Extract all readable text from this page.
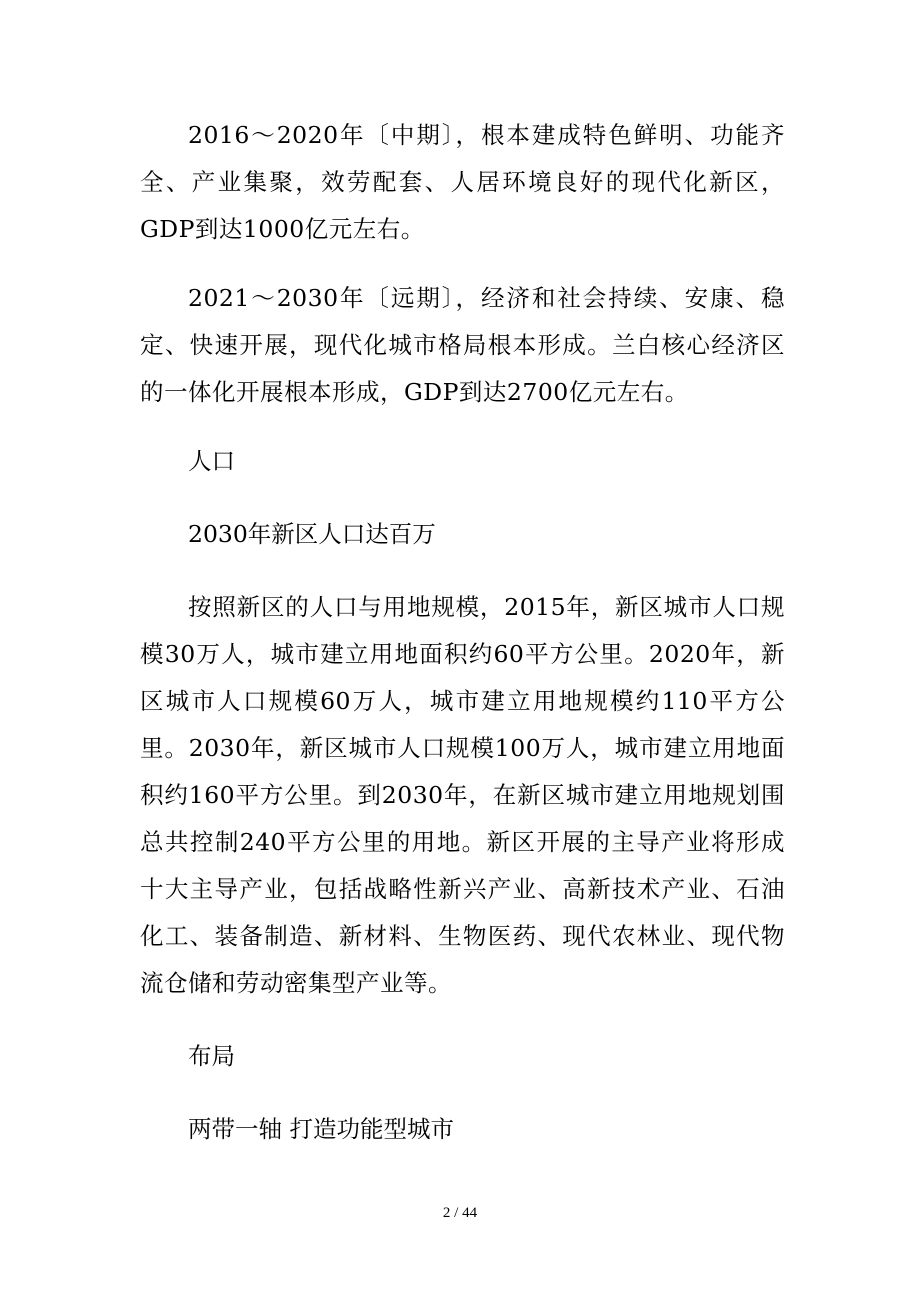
2016～2020年〔中期〕，根本建成特色鲜明、功能齐全、产业集聚，效劳配套、人居环境良好的现代化新区，GDP到达1000亿元左右。

2021～2030年〔远期〕，经济和社会持续、安康、稳定、快速开展，现代化城市格局根本形成。兰白核心经济区的一体化开展根本形成，GDP到达2700亿元左右。

人口

2030年新区人口达百万

按照新区的人口与用地规模，2015年，新区城市人口规模30万人，城市建立用地面积约60平方公里。2020年，新区城市人口规模60万人，城市建立用地规模约110平方公里。2030年，新区城市人口规模100万人，城市建立用地面积约160平方公里。到2030年，在新区城市建立用地规划围总共控制240平方公里的用地。新区开展的主导产业将形成十大主导产业，包括战略性新兴产业、高新技术产业、石油化工、装备制造、新材料、生物医药、现代农林业、现代物流仓储和劳动密集型产业等。

布局

两带一轴 打造功能型城市

2 / 44
